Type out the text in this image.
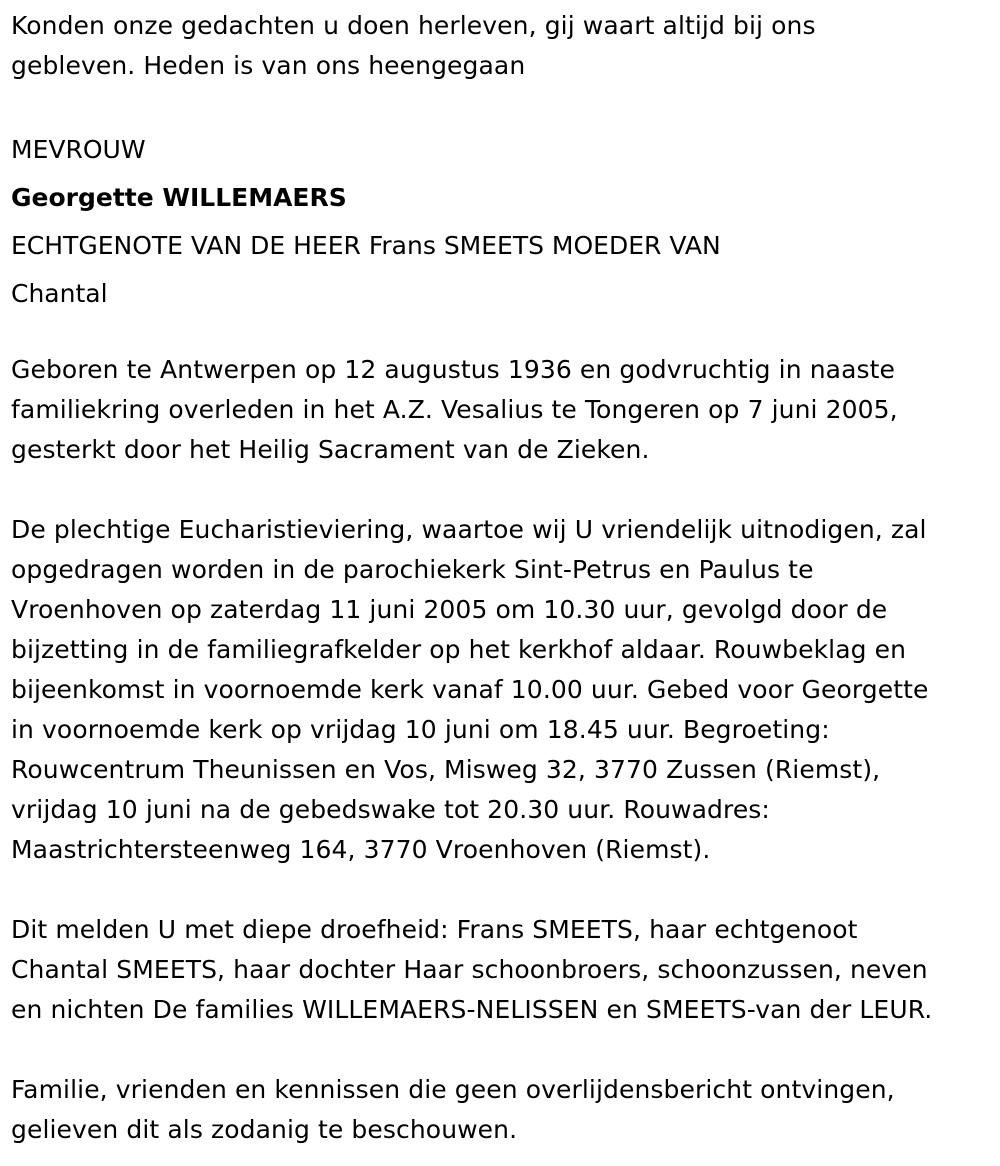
Konden onze gedachten u doen herleven, gij waart altijd bij ons
gebleven. Heden is van ons heengegaan

MEVROUW
Georgette WILLEMAERS
ECHTGENOTE VAN DE HEER Frans SMEETS MOEDER VAN
Chantal

Geboren te Antwerpen op 12 augustus 1936 en godvruchtig in naaste
familiekring overleden in het A.Z. Vesalius te Tongeren op 7 juni 2005,
gesterkt door het Heilig Sacrament van de Zieken.

De plechtige Eucharistieviering, waartoe wij U vriendelijk uitnodigen, zal
opgedragen worden in de parochiekerk Sint-Petrus en Paulus te
Vroenhoven op zaterdag 11 juni 2005 om 10.30 uur, gevolgd door de
bijzetting in de familiegrafkelder op het kerkhof aldaar. Rouwbeklag en
bijeenkomst in voornoemde kerk vanaf 10.00 uur. Gebed voor Georgette
in voornoemde kerk op vrijdag 10 juni om 18.45 uur. Begroeting:
Rouwcentrum Theunissen en Vos, Misweg 32, 3770 Zussen (Riemst),
vrijdag 10 juni na de gebedswake tot 20.30 uur. Rouwadres:
Maastrichtersteenweg 164, 3770 Vroenhoven (Riemst).

Dit melden U met diepe droefheid: Frans SMEETS, haar echtgenoot
Chantal SMEETS, haar dochter Haar schoonbroers, schoonzussen, neven
en nichten De families WILLEMAERS-NELISSEN en SMEETS-van der LEUR.

Familie, vrienden en kennissen die geen overlijdensbericht ontvingen,
gelieven dit als zodanig te beschouwen.
